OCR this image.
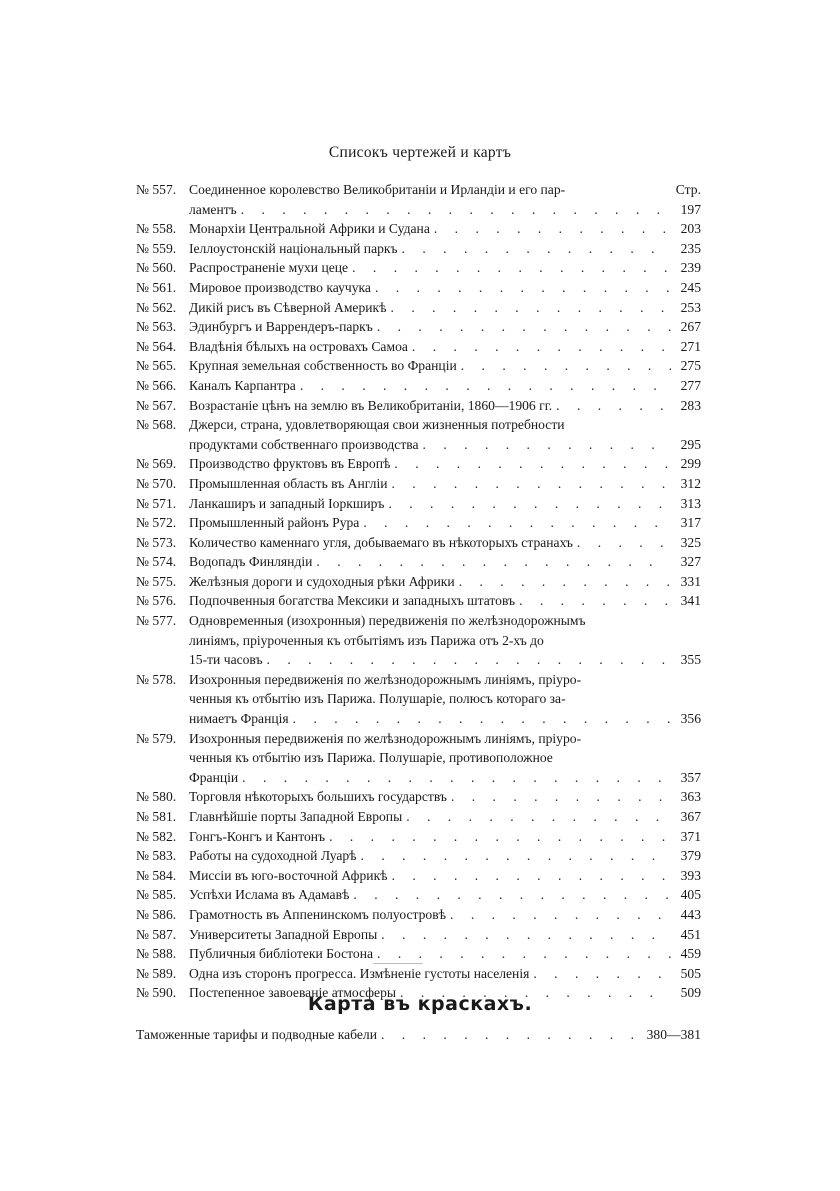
Списокъ чертежей и картъ
№ 557. Соединенное королевство Великобританіи и Ирландіи и его пар-	Стр.
ламентъ . . .	197
№ 558. Монархіи Центральной Африки и Судана . . .	203
№ 559. Іеллоустонскій національный паркъ . . .	235
№ 560. Распространеніе мухи цеце . . .	239
№ 561. Мировое производство каучука . . .	245
№ 562. Дикій рисъ въ Сѣверной Америкѣ . . .	253
№ 563. Эдинбургъ и Варрендеръ-паркъ . . .	267
№ 564. Владѣнія бѣлыхъ на островахъ Самоа . . .	271
№ 565. Крупная земельная собственность во Франціи . . .	275
№ 566. Каналъ Карпантра . . .	277
№ 567. Возрастаніе цѣнъ на землю въ Великобританіи, 1860—1906 гг. . . .	283
№ 568. Джерси, страна, удовлетворяющая свои жизненныя потребности
продуктами собственнаго производства . . .	295
№ 569. Производство фруктовъ въ Европѣ . . .	299
№ 570. Промышленная область въ Англіи . . .	312
№ 571. Ланкаширъ и западный Іоркширъ . . .	313
№ 572. Промышленный районъ Рура . . .	317
№ 573. Количество каменнаго угля, добываемаго въ нѣкоторыхъ странахъ . . .	325
№ 574. Водопадъ Финляндіи . . .	327
№ 575. Желѣзныя дороги и судоходныя рѣки Африки . . .	331
№ 576. Подпочвенныя богатства Мексики и западныхъ штатовъ . . .	341
№ 577. Одновременныя (изохронныя) передвиженія по желѣзнодорожнымъ
линіямъ, пріуроченныя къ отбытіямъ изъ Парижа отъ 2-хъ до
15-ти часовъ . . .	355
№ 578. Изохронныя передвиженія по желѣзнодорожнымъ линіямъ, пріуро-
ченныя къ отбытію изъ Парижа. Полушаріе, полюсъ котораго за-
нимаетъ Франція . . .	356
№ 579. Изохронныя передвиженія по желѣзнодорожнымъ линіямъ, пріуро-
ченныя къ отбытію изъ Парижа. Полушаріе, противоположное
Франціи . . .	357
№ 580. Торговля нѣкоторыхъ большихъ государствъ . . .	363
№ 581. Главнѣйшіе порты Западной Европы . . .	367
№ 582. Гонгъ-Конгъ и Кантонъ . . .	371
№ 583. Работы на судоходной Луарѣ . . .	379
№ 584. Миссіи въ юго-восточной Африкѣ . . .	393
№ 585. Успѣхи Ислама въ Адамавѣ . . .	405
№ 586. Грамотность въ Аппенинскомъ полуостровѣ . . .	443
№ 587. Университеты Западной Европы . . .	451
№ 588. Публичныя библіотеки Бостона . . .	459
№ 589. Одна изъ сторонъ прогресса. Измѣненіе густоты населенія . . .	505
№ 590. Постепенное завоеваніе атмосферы . . .	509
Карта въ краскахъ.
Таможенные тарифы и подводные кабели . . .	380—381
